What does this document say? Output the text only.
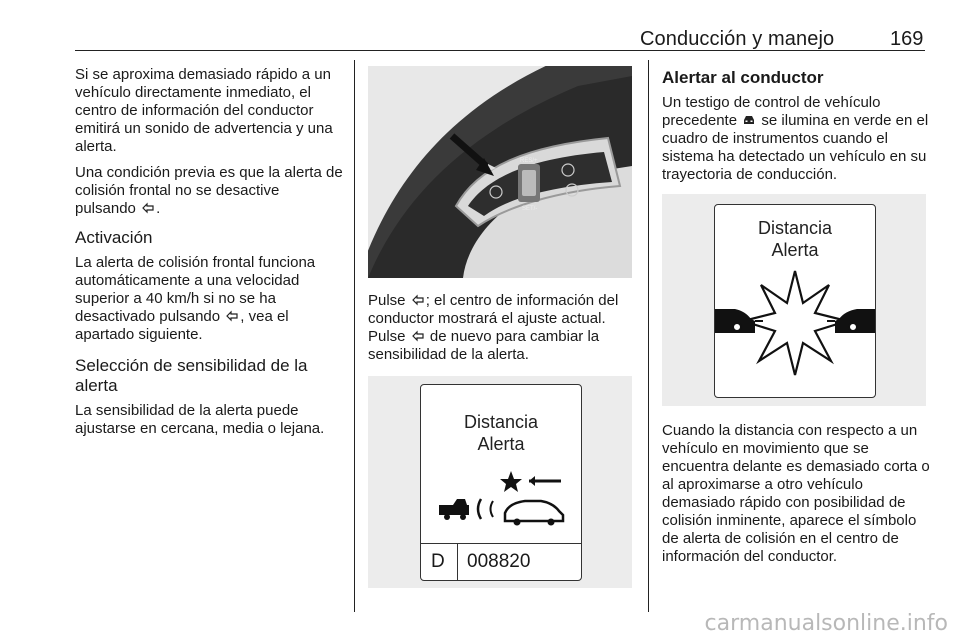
Conducción y manejo	169

Si se aproxima demasiado rápido a un vehículo directamente inmediato, el centro de información del conductor emitirá un sonido de advertencia y una alerta.

Una condición previa es que la alerta de colisión frontal no se desactive pulsando .

Activación

La alerta de colisión frontal funciona automáticamente a una velocidad superior a 40 km/h si no se ha desactivado pulsando , vea el apartado siguiente.

Selección de sensibilidad de la alerta

La sensibilidad de la alerta puede ajustarse en cercana, media o lejana.

RES/+
SET/-

Pulse ; el centro de información del conductor mostrará el ajuste actual. Pulse de nuevo para cambiar la sensibilidad de la alerta.

Distancia
Alerta
D 008820
Alertar al conductor

Un testigo de control de vehículo precedente se ilumina en verde en el cuadro de instrumentos cuando el sistema ha detectado un vehículo en su trayectoria de conducción.

Distancia
Alerta

Cuando la distancia con respecto a un vehículo en movimiento que se encuentra delante es demasiado corta o al aproximarse a otro vehículo demasiado rápido con posibilidad de colisión inminente, aparece el símbolo de alerta de colisión en el centro de información del conductor.

carmanualsonline.info
